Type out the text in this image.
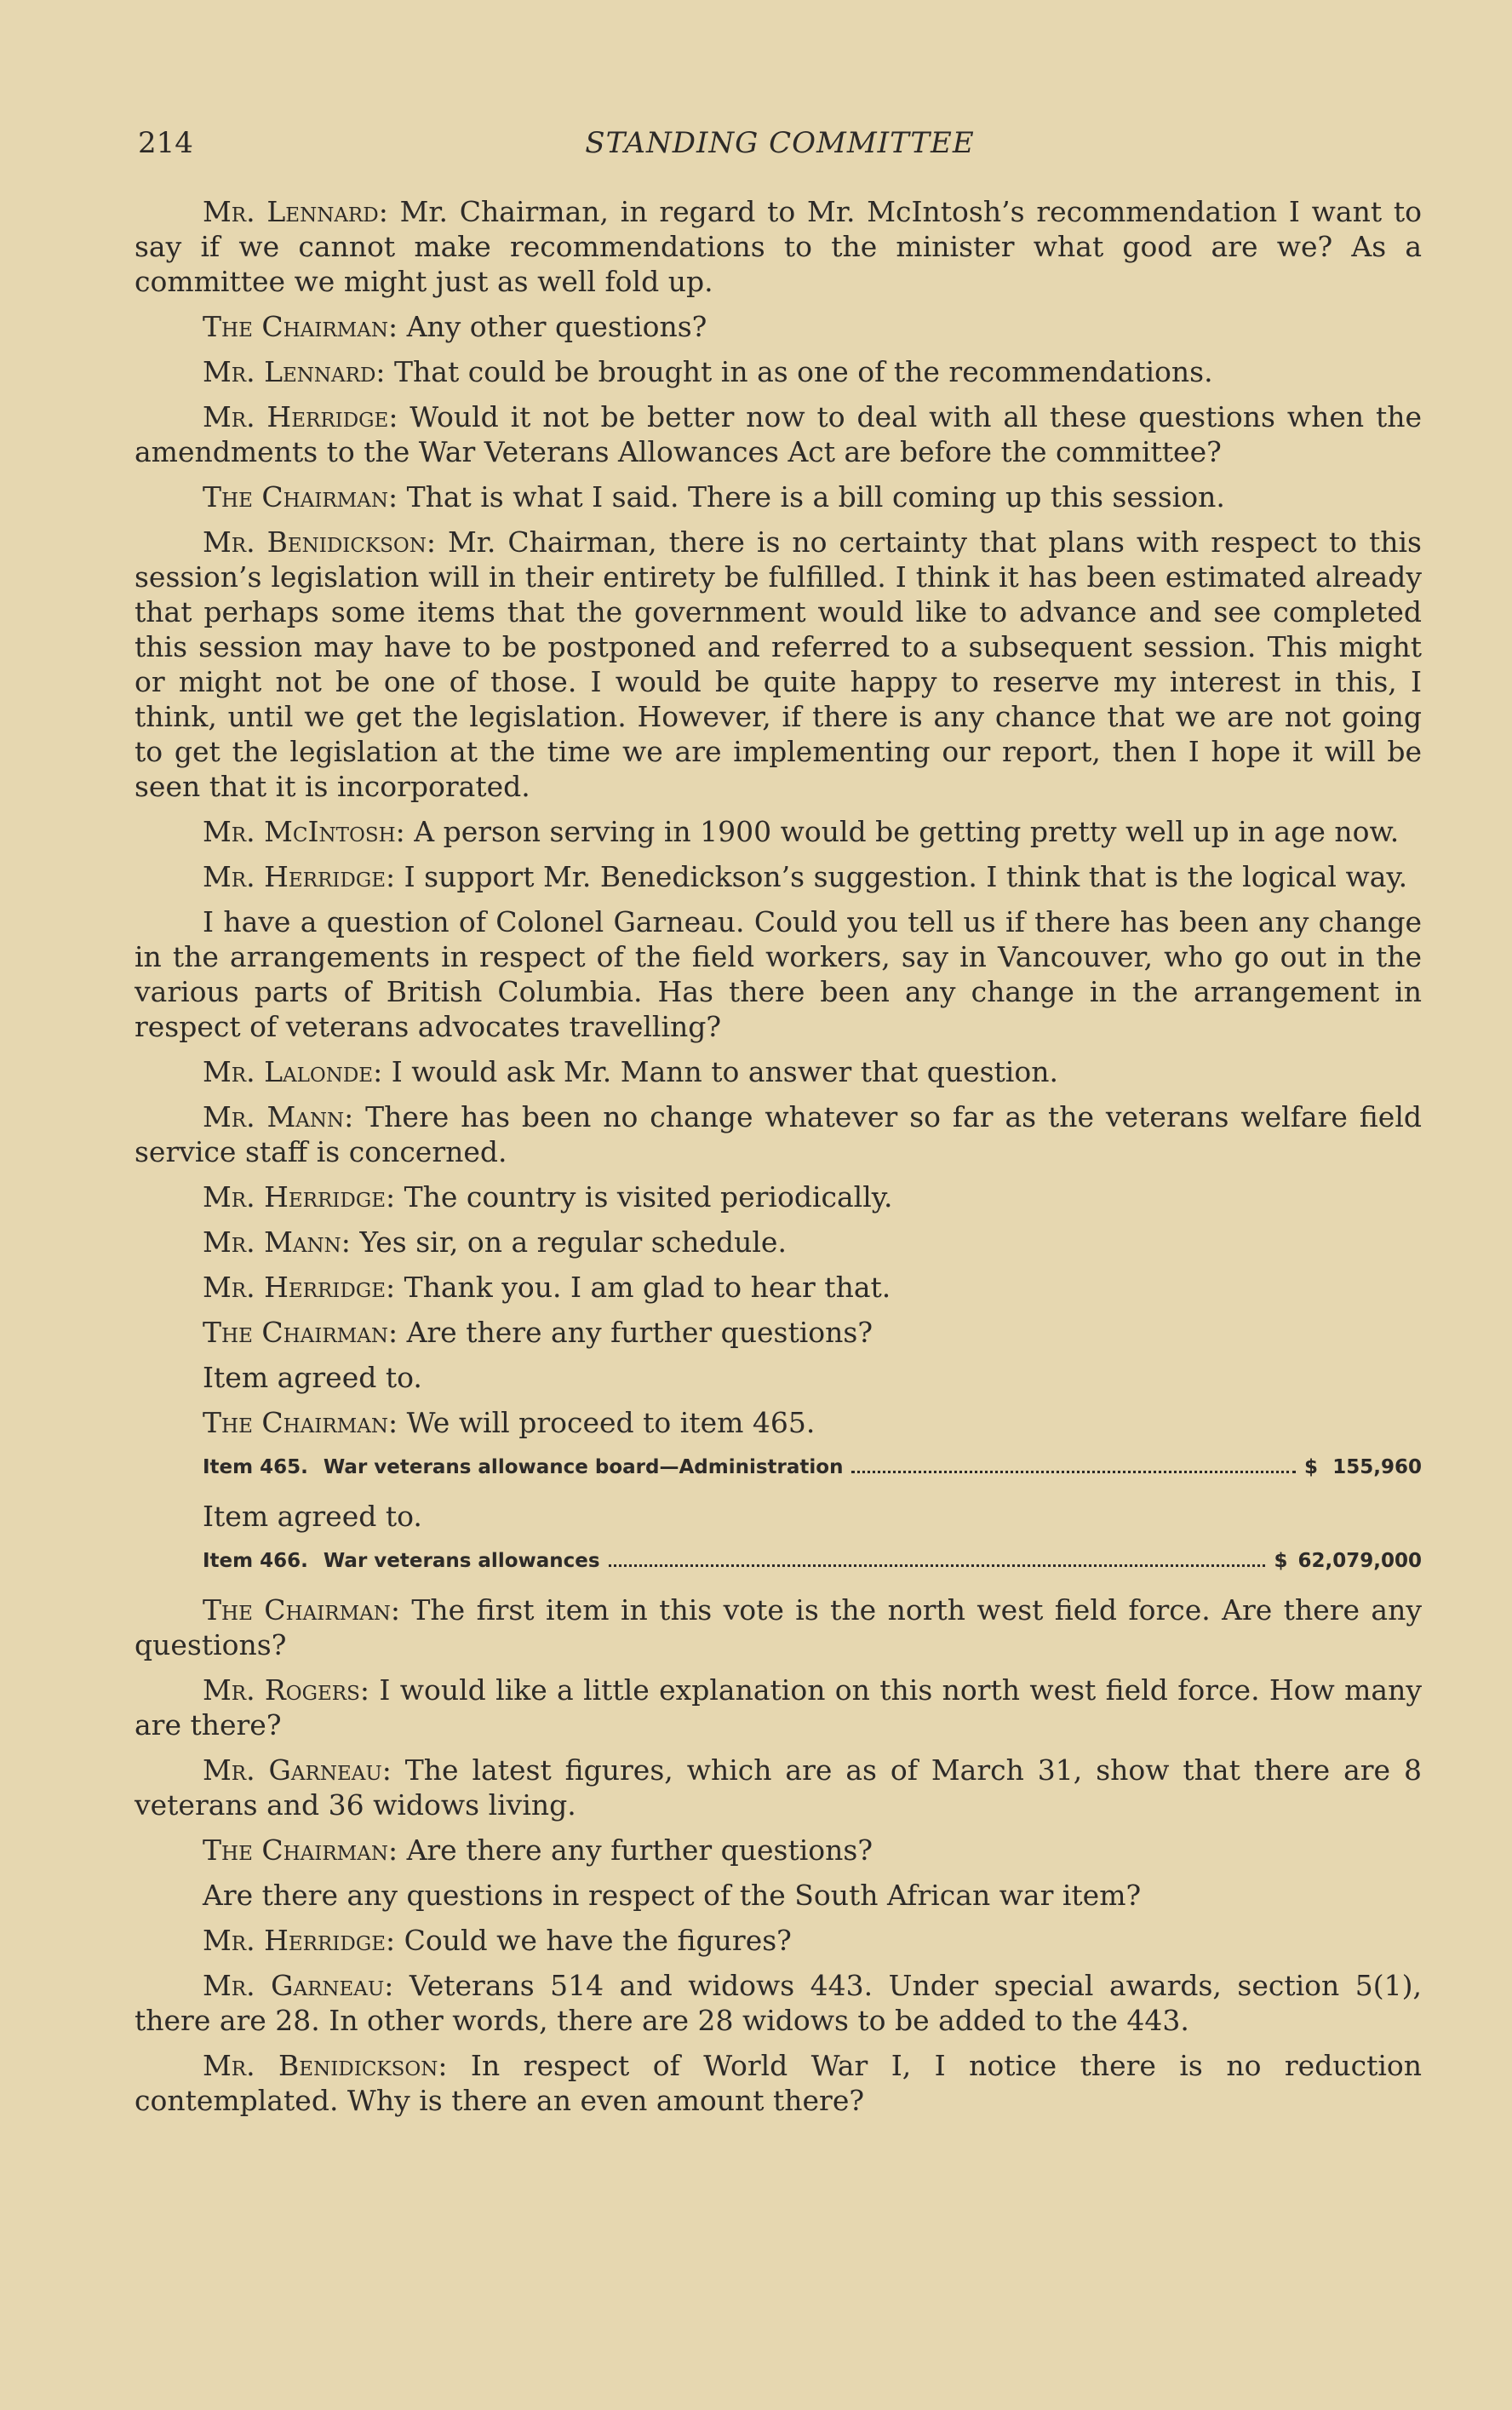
214	STANDING COMMITTEE

Mr. Lennard: Mr. Chairman, in regard to Mr. McIntosh’s recommendation I want to say if we cannot make recommendations to the minister what good are we? As a committee we might just as well fold up.

The Chairman: Any other questions?

Mr. Lennard: That could be brought in as one of the recommendations.

Mr. Herridge: Would it not be better now to deal with all these questions when the amendments to the War Veterans Allowances Act are before the committee?

The Chairman: That is what I said. There is a bill coming up this session.

Mr. Benidickson: Mr. Chairman, there is no certainty that plans with respect to this session’s legislation will in their entirety be fulfilled. I think it has been estimated already that perhaps some items that the government would like to advance and see completed this session may have to be postponed and referred to a subsequent session. This might or might not be one of those. I would be quite happy to reserve my interest in this, I think, until we get the legislation. However, if there is any chance that we are not going to get the legislation at the time we are implementing our report, then I hope it will be seen that it is incorporated.

Mr. McIntosh: A person serving in 1900 would be getting pretty well up in age now.

Mr. Herridge: I support Mr. Benedickson’s suggestion. I think that is the logical way.

I have a question of Colonel Garneau. Could you tell us if there has been any change in the arrangements in respect of the field workers, say in Vancouver, who go out in the various parts of British Columbia. Has there been any change in the arrangement in respect of veterans advocates travelling?

Mr. Lalonde: I would ask Mr. Mann to answer that question.

Mr. Mann: There has been no change whatever so far as the veterans welfare field service staff is concerned.

Mr. Herridge: The country is visited periodically.

Mr. Mann: Yes sir, on a regular schedule.

Mr. Herridge: Thank you. I am glad to hear that.

The Chairman: Are there any further questions?

Item agreed to.

The Chairman: We will proceed to item 465.

Item 465. War veterans allowance board—Administration	$ 155,960

Item agreed to.

Item 466. War veterans allowances	$ 62,079,000

The Chairman: The first item in this vote is the north west field force. Are there any questions?

Mr. Rogers: I would like a little explanation on this north west field force. How many are there?

Mr. Garneau: The latest figures, which are as of March 31, show that there are 8 veterans and 36 widows living.

The Chairman: Are there any further questions?

Are there any questions in respect of the South African war item?

Mr. Herridge: Could we have the figures?

Mr. Garneau: Veterans 514 and widows 443. Under special awards, section 5(1), there are 28. In other words, there are 28 widows to be added to the 443.

Mr. Benidickson: In respect of World War I, I notice there is no reduction contemplated. Why is there an even amount there?
